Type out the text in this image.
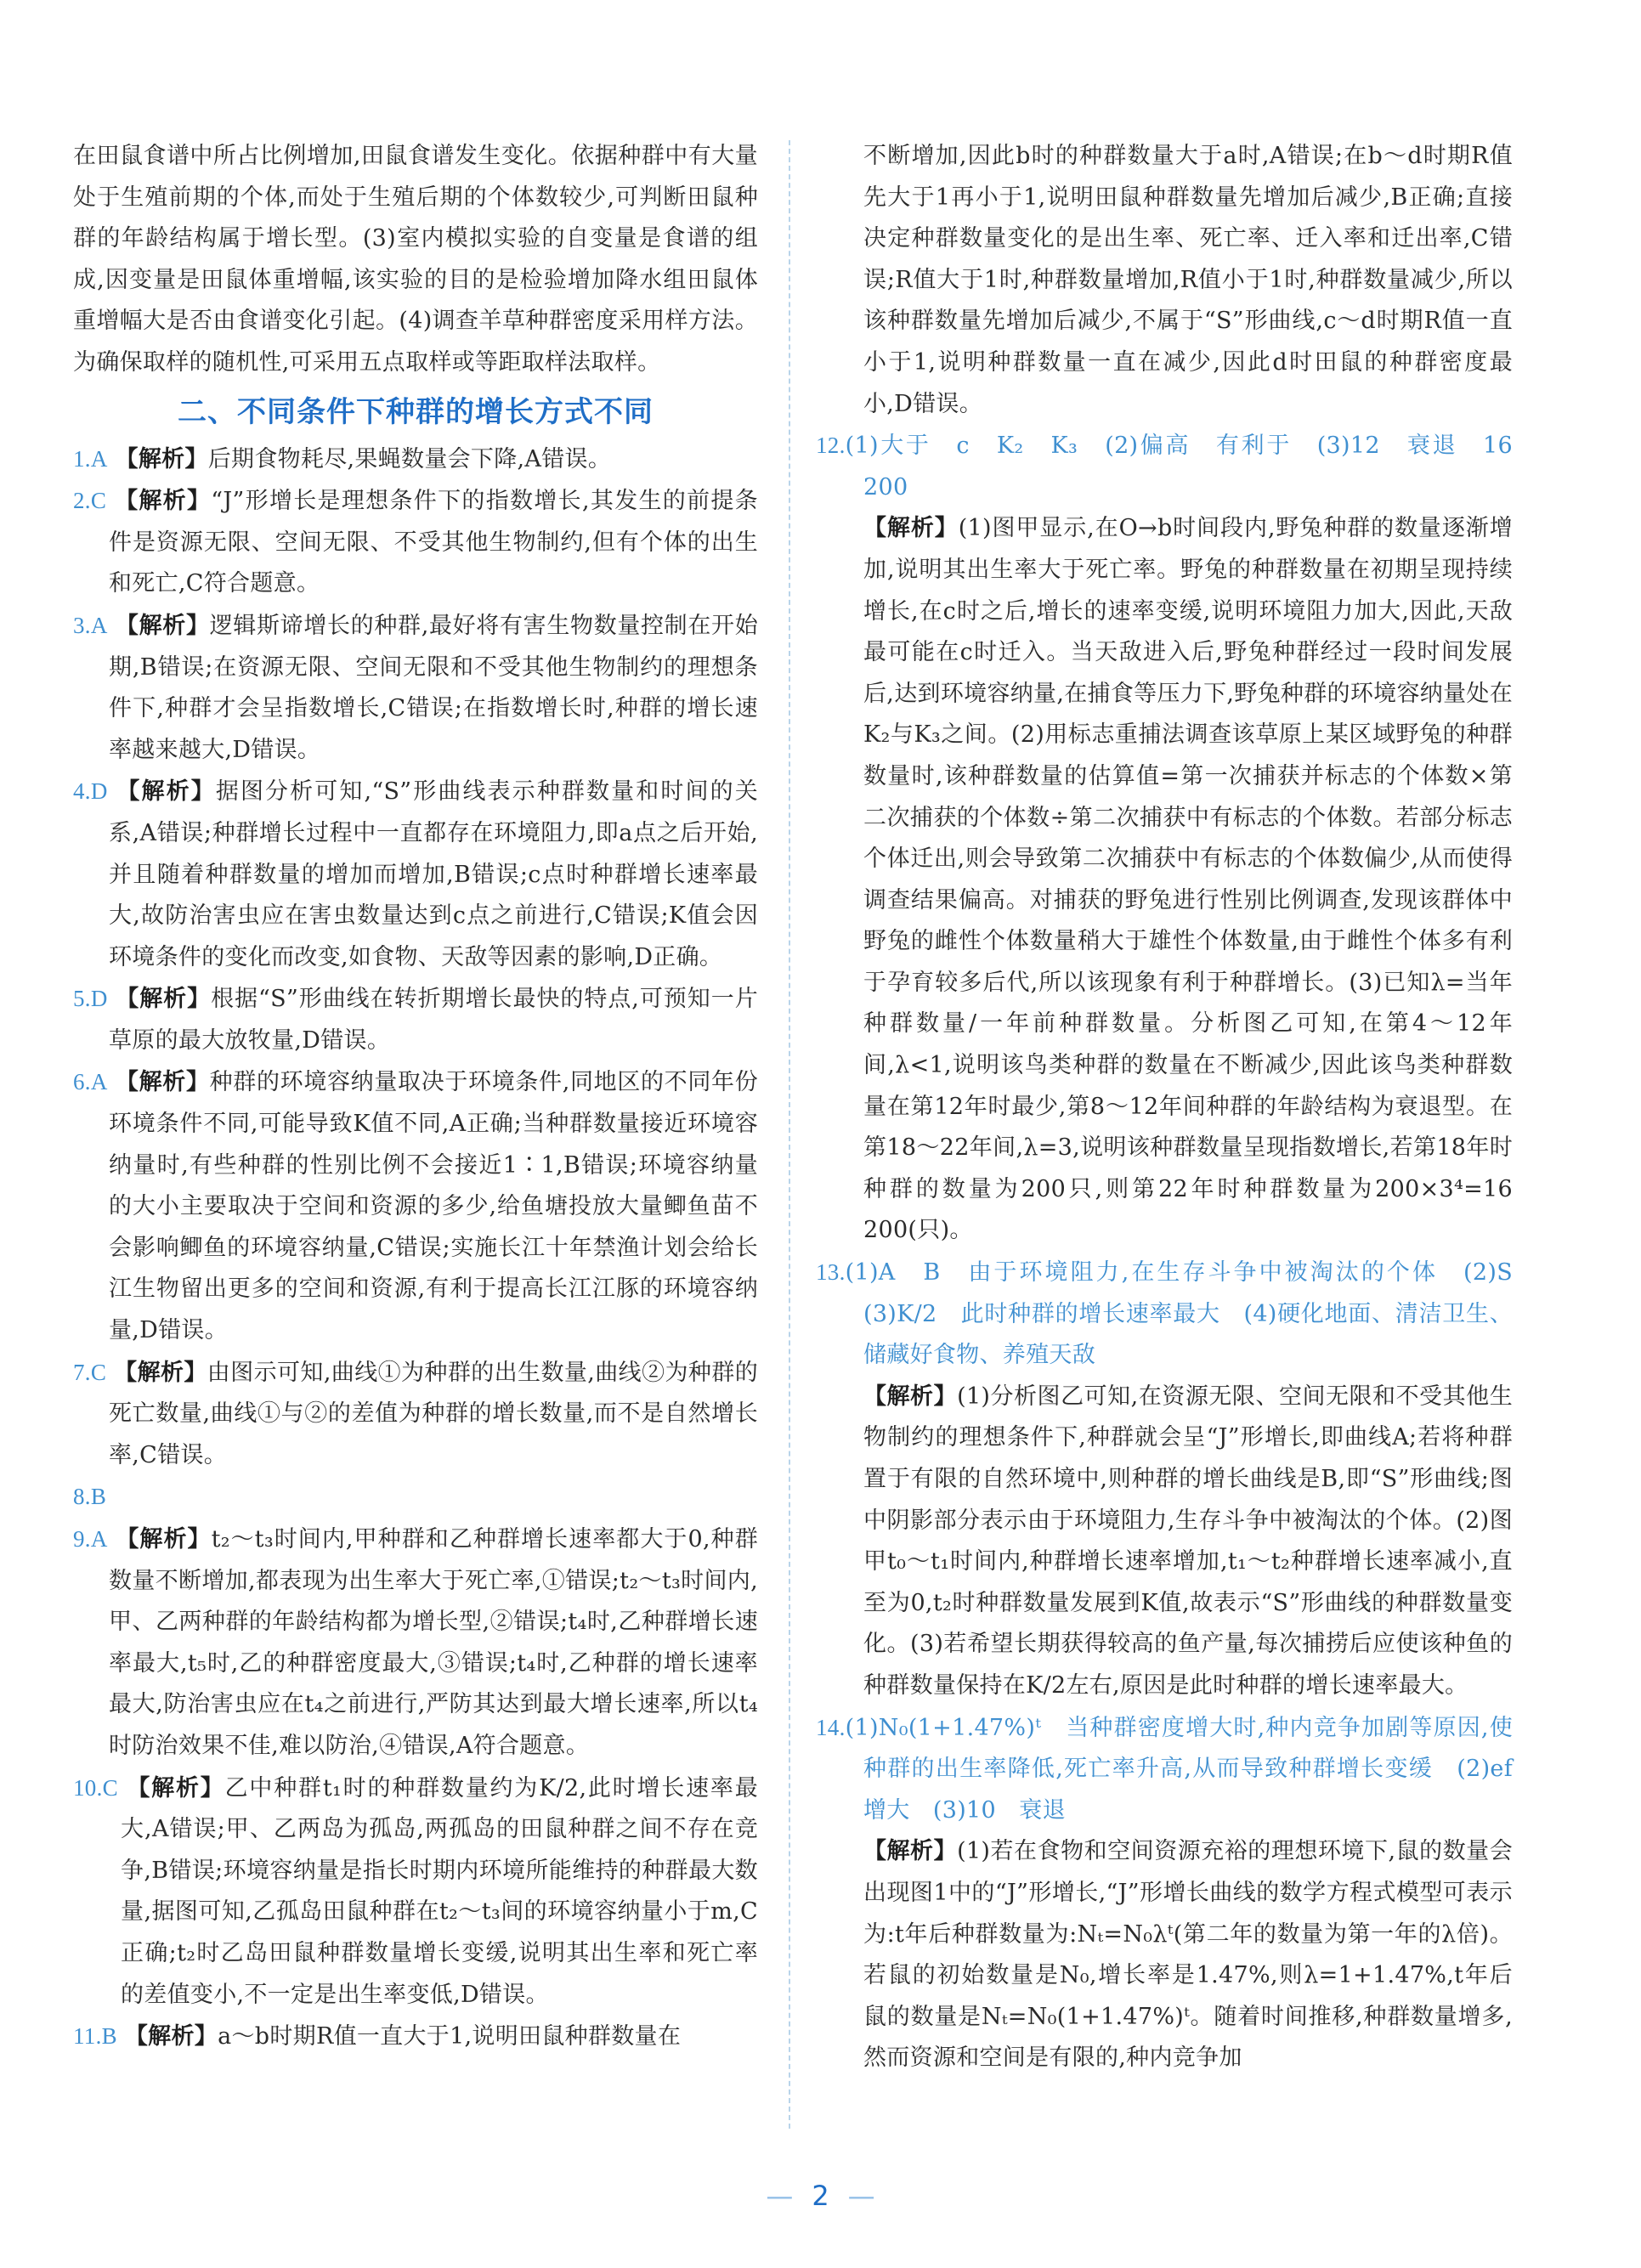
在田鼠食谱中所占比例增加,田鼠食谱发生变化。依据种群中有大量处于生殖前期的个体,而处于生殖后期的个体数较少,可判断田鼠种群的年龄结构属于增长型。(3)室内模拟实验的自变量是食谱的组成,因变量是田鼠体重增幅,该实验的目的是检验增加降水组田鼠体重增幅大是否由食谱变化引起。(4)调查羊草种群密度采用样方法。为确保取样的随机性,可采用五点取样或等距取样法取样。

二、不同条件下种群的增长方式不同

1.A 【解析】后期食物耗尽,果蝇数量会下降,A错误。

2.C 【解析】“J”形增长是理想条件下的指数增长,其发生的前提条件是资源无限、空间无限、不受其他生物制约,但有个体的出生和死亡,C符合题意。

3.A 【解析】逻辑斯谛增长的种群,最好将有害生物数量控制在开始期,B错误;在资源无限、空间无限和不受其他生物制约的理想条件下,种群才会呈指数增长,C错误;在指数增长时,种群的增长速率越来越大,D错误。

4.D 【解析】据图分析可知,“S”形曲线表示种群数量和时间的关系,A错误;种群增长过程中一直都存在环境阻力,即a点之后开始,并且随着种群数量的增加而增加,B错误;c点时种群增长速率最大,故防治害虫应在害虫数量达到c点之前进行,C错误;K值会因环境条件的变化而改变,如食物、天敌等因素的影响,D正确。

5.D 【解析】根据“S”形曲线在转折期增长最快的特点,可预知一片草原的最大放牧量,D错误。

6.A 【解析】种群的环境容纳量取决于环境条件,同地区的不同年份环境条件不同,可能导致K值不同,A正确;当种群数量接近环境容纳量时,有些种群的性别比例不会接近1∶1,B错误;环境容纳量的大小主要取决于空间和资源的多少,给鱼塘投放大量鲫鱼苗不会影响鲫鱼的环境容纳量,C错误;实施长江十年禁渔计划会给长江生物留出更多的空间和资源,有利于提高长江江豚的环境容纳量,D错误。

7.C 【解析】由图示可知,曲线①为种群的出生数量,曲线②为种群的死亡数量,曲线①与②的差值为种群的增长数量,而不是自然增长率,C错误。

8.B

9.A 【解析】t₂～t₃时间内,甲种群和乙种群增长速率都大于0,种群数量不断增加,都表现为出生率大于死亡率,①错误;t₂～t₃时间内,甲、乙两种群的年龄结构都为增长型,②错误;t₄时,乙种群增长速率最大,t₅时,乙的种群密度最大,③错误;t₄时,乙种群的增长速率最大,防治害虫应在t₄之前进行,严防其达到最大增长速率,所以t₄时防治效果不佳,难以防治,④错误,A符合题意。

10.C 【解析】乙中种群t₁时的种群数量约为K/2,此时增长速率最大,A错误;甲、乙两岛为孤岛,两孤岛的田鼠种群之间不存在竞争,B错误;环境容纳量是指长时期内环境所能维持的种群最大数量,据图可知,乙孤岛田鼠种群在t₂～t₃间的环境容纳量小于m,C正确;t₂时乙岛田鼠种群数量增长变缓,说明其出生率和死亡率的差值变小,不一定是出生率变低,D错误。

11.B 【解析】a～b时期R值一直大于1,说明田鼠种群数量在

不断增加,因此b时的种群数量大于a时,A错误;在b～d时期R值先大于1再小于1,说明田鼠种群数量先增加后减少,B正确;直接决定种群数量变化的是出生率、死亡率、迁入率和迁出率,C错误;R值大于1时,种群数量增加,R值小于1时,种群数量减少,所以该种群数量先增加后减少,不属于“S”形曲线,c～d时期R值一直小于1,说明种群数量一直在减少,因此d时田鼠的种群密度最小,D错误。

12.(1)大于　c　K₂　K₃　(2)偏高　有利于　(3)12　衰退　16 200

【解析】(1)图甲显示,在O→b时间段内,野兔种群的数量逐渐增加,说明其出生率大于死亡率。野兔的种群数量在初期呈现持续增长,在c时之后,增长的速率变缓,说明环境阻力加大,因此,天敌最可能在c时迁入。当天敌进入后,野兔种群经过一段时间发展后,达到环境容纳量,在捕食等压力下,野兔种群的环境容纳量处在K₂与K₃之间。(2)用标志重捕法调查该草原上某区域野兔的种群数量时,该种群数量的估算值=第一次捕获并标志的个体数×第二次捕获的个体数÷第二次捕获中有标志的个体数。若部分标志个体迁出,则会导致第二次捕获中有标志的个体数偏少,从而使得调查结果偏高。对捕获的野兔进行性别比例调查,发现该群体中野兔的雌性个体数量稍大于雄性个体数量,由于雌性个体多有利于孕育较多后代,所以该现象有利于种群增长。(3)已知λ=当年种群数量/一年前种群数量。分析图乙可知,在第4～12年间,λ<1,说明该鸟类种群的数量在不断减少,因此该鸟类种群数量在第12年时最少,第8～12年间种群的年龄结构为衰退型。在第18～22年间,λ=3,说明该种群数量呈现指数增长,若第18年时种群的数量为200只,则第22年时种群数量为200×3⁴=16 200(只)。

13.(1)A　B　由于环境阻力,在生存斗争中被淘汰的个体　(2)S　(3)K/2　此时种群的增长速率最大　(4)硬化地面、清洁卫生、储藏好食物、养殖天敌

【解析】(1)分析图乙可知,在资源无限、空间无限和不受其他生物制约的理想条件下,种群就会呈“J”形增长,即曲线A;若将种群置于有限的自然环境中,则种群的增长曲线是B,即“S”形曲线;图中阴影部分表示由于环境阻力,生存斗争中被淘汰的个体。(2)图甲t₀～t₁时间内,种群增长速率增加,t₁～t₂种群增长速率减小,直至为0,t₂时种群数量发展到K值,故表示“S”形曲线的种群数量变化。(3)若希望长期获得较高的鱼产量,每次捕捞后应使该种鱼的种群数量保持在K/2左右,原因是此时种群的增长速率最大。

14.(1)N₀(1+1.47%)ᵗ　当种群密度增大时,种内竞争加剧等原因,使种群的出生率降低,死亡率升高,从而导致种群增长变缓　(2)ef　增大　(3)10　衰退

【解析】(1)若在食物和空间资源充裕的理想环境下,鼠的数量会出现图1中的“J”形增长,“J”形增长曲线的数学方程式模型可表示为:t年后种群数量为:Nₜ=N₀λᵗ(第二年的数量为第一年的λ倍)。若鼠的初始数量是N₀,增长率是1.47%,则λ=1+1.47%,t年后鼠的数量是Nₜ=N₀(1+1.47%)ᵗ。随着时间推移,种群数量增多,然而资源和空间是有限的,种内竞争加

— 2 —
